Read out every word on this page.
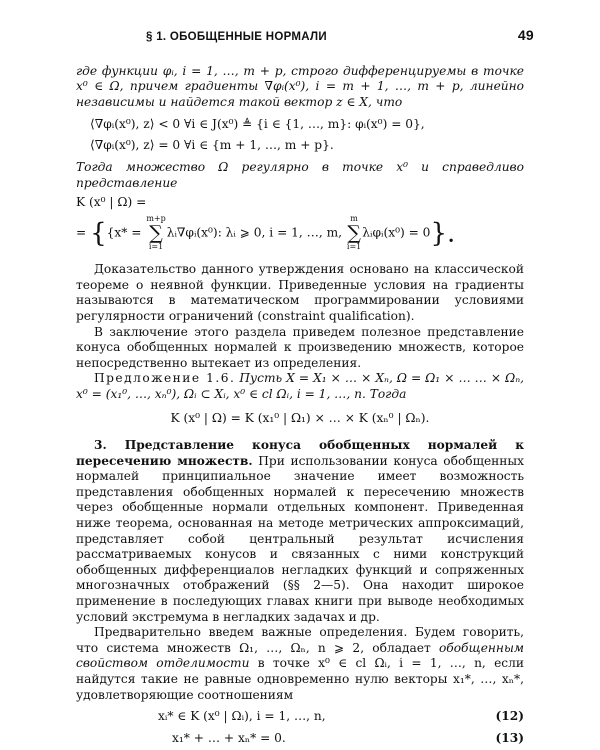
§ 1. ОБОБЩЕННЫЕ НОРМАЛИ	49

где функции φᵢ, i = 1, …, m + p, строго дифференцируемы в точке x⁰ ∈ Ω, причем градиенты ∇φᵢ(x⁰), i = m + 1, …, m + p, линейно независимы и найдется такой вектор z ∈ X, что

⟨∇φᵢ(x⁰), z⟩ < 0 ∀i ∈ J(x⁰) ≜ {i ∈ {1, …, m}: φᵢ(x⁰) = 0},
⟨∇φᵢ(x⁰), z⟩ = 0 ∀i ∈ {m + 1, …, m + p}.

Тогда множество Ω регулярно в точке x⁰ и справедливо представление

K (x⁰ | Ω) =
= {{x* =
m+p
∑
i=1
λᵢ∇φᵢ(x⁰): λᵢ ⩾ 0, i = 1, …, m,
m
∑
i=1
λᵢφᵢ(x⁰) = 0}.

Доказательство данного утверждения основано на классической теореме о неявной функции. Приведенные условия на градиенты называются в математическом программировании условиями регулярности ограничений (constraint qualification).

В заключение этого раздела приведем полезное представление конуса обобщенных нормалей к произведению множеств, которое непосредственно вытекает из определения.

Предложение 1.6. Пусть X = X₁ × … × Xₙ, Ω = Ω₁ × … … × Ωₙ, x⁰ = (x₁⁰, …, xₙ⁰), Ωᵢ ⊂ Xᵢ, x⁰ ∈ cl Ωᵢ, i = 1, …, n. Тогда

K (x⁰ | Ω) = K (x₁⁰ | Ω₁) × … × K (xₙ⁰ | Ωₙ).

3. Представление конуса обобщенных нормалей к пересечению множеств. При использовании конуса обобщенных нормалей принципиальное значение имеет возможность представления обобщенных нормалей к пересечению множеств через обобщенные нормали отдельных компонент. Приведенная ниже теорема, основанная на методе метрических аппроксимаций, представляет собой центральный результат исчисления рассматриваемых конусов и связанных с ними конструкций обобщенных дифференциалов негладких функций и сопряженных многозначных отображений (§§ 2—5). Она находит широкое применение в последующих главах книги при выводе необходимых условий экстремума в негладких задачах и др.

Предварительно введем важные определения. Будем говорить, что система множеств Ω₁, …, Ωₙ, n ⩾ 2, обладает обобщенным свойством отделимости в точке x⁰ ∈ cl Ωᵢ, i = 1, …, n, если найдутся такие не равные одновременно нулю векторы x₁*, …, xₙ*, удовлетворяющие соотношениям

xᵢ* ∈ K (x⁰ | Ωᵢ), i = 1, …, n,	(12)
x₁* + … + xₙ* = 0.	(13)
